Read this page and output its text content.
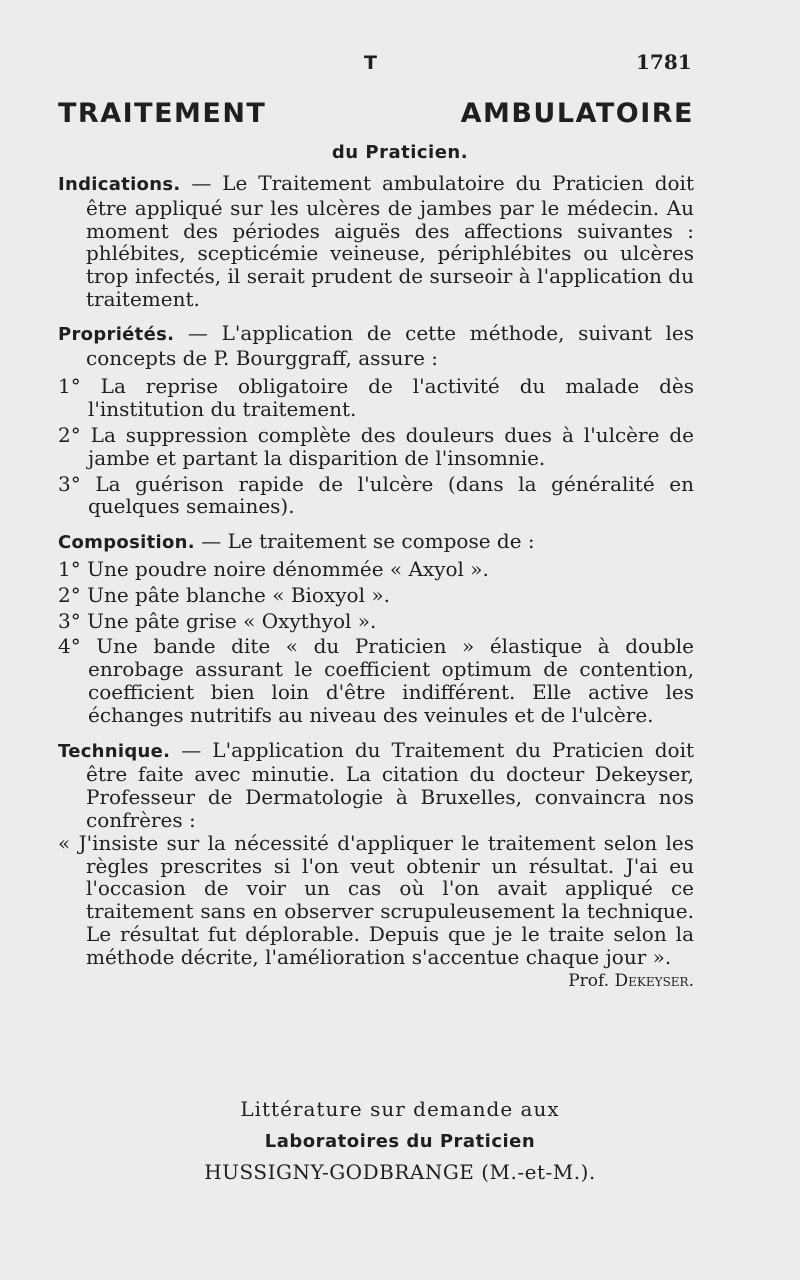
T	1781
TRAITEMENT	AMBULATOIRE
du Praticien.

Indications. — Le Traitement ambulatoire du Praticien doit être appliqué sur les ulcères de jambes par le médecin. Au moment des périodes aiguës des affections suivantes : phlébites, scepticémie veineuse, périphlébites ou ulcères trop infectés, il serait prudent de surseoir à l'application du traitement.

Propriétés. — L'application de cette méthode, suivant les concepts de P. Bourggraff, assure :

1° La reprise obligatoire de l'activité du malade dès l'institution du traitement.

2° La suppression complète des douleurs dues à l'ulcère de jambe et partant la disparition de l'insomnie.

3° La guérison rapide de l'ulcère (dans la généralité en quelques semaines).

Composition. — Le traitement se compose de :

1° Une poudre noire dénommée « Axyol ».

2° Une pâte blanche « Bioxyol ».

3° Une pâte grise « Oxythyol ».

4° Une bande dite « du Praticien » élastique à double enrobage assurant le coefficient optimum de contention, coefficient bien loin d'être indifférent. Elle active les échanges nutritifs au niveau des veinules et de l'ulcère.

Technique. — L'application du Traitement du Praticien doit être faite avec minutie. La citation du docteur Dekeyser, Professeur de Dermatologie à Bruxelles, convaincra nos confrères :

« J'insiste sur la nécessité d'appliquer le traitement selon les règles prescrites si l'on veut obtenir un résultat. J'ai eu l'occasion de voir un cas où l'on avait appliqué ce traitement sans en observer scrupuleusement la technique. Le résultat fut déplorable. Depuis que je le traite selon la méthode décrite, l'amélioration s'accentue chaque jour ».

Prof. Dekeyser.
Littérature sur demande aux
Laboratoires du Praticien
HUSSIGNY-GODBRANGE (M.-et-M.).
